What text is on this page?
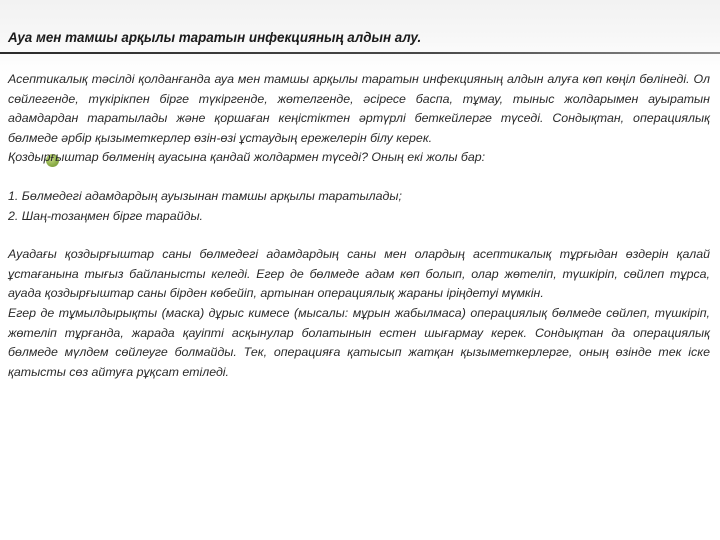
Ауа мен тамшы арқылы таратын инфекцияның алдын алу.

Асептикалық тәсілді қолданғанда ауа мен тамшы арқылы таратын инфекцияның алдын алуға көп көңіл бөлінеді. Ол сөйлегенде, түкірікпен бірге түкіргенде, жөтелгенде, әсіресе баспа, тұмау, тыныс жолдарымен ауыратын адамдардан таратылады және қоршаған кеңістіктен әртүрлі беткейлерге түседі. Сондықтан, операциялық бөлмеде әрбір қызыметкерлер өзін-өзі ұстаудың ережелерін білу керек.

Қоздырғыштар бөлменің ауасына қандай жолдармен түседі? Оның екі жолы бар:

1. Бөлмедегі адамдардың ауызынан тамшы арқылы таратылады;

2. Шаң-тозаңмен бірге тарайды.

Ауадағы қоздырғыштар саны бөлмедегі адамдардың саны мен олардың асептикалық тұрғыдан өздерін қалай ұстағанына тығыз байланысты келеді. Егер де бөлмеде адам көп болып, олар жөтеліп, түшкіріп, сөйлеп тұрса, ауада қоздырғыштар саны бірден көбейіп, артынан операциялық жараны ірiңдетуі мүмкін.

Егер де тұмылдырықты (маска) дұрыс кимесе (мысалы: мұрын жабылмаса) операциялық бөлмеде сөйлеп, түшкіріп, жөтеліп тұрғанда, жарада қауіпті асқынулар болатынын естен шығармау керек. Сондықтан да операциялық бөлмеде мүлдем сөйлеуге болмайды. Тек, операцияға қатысып жатқан қызыметкерлерге, оның өзінде тек іске қатысты сөз айтуға рұқсат етіледі.
